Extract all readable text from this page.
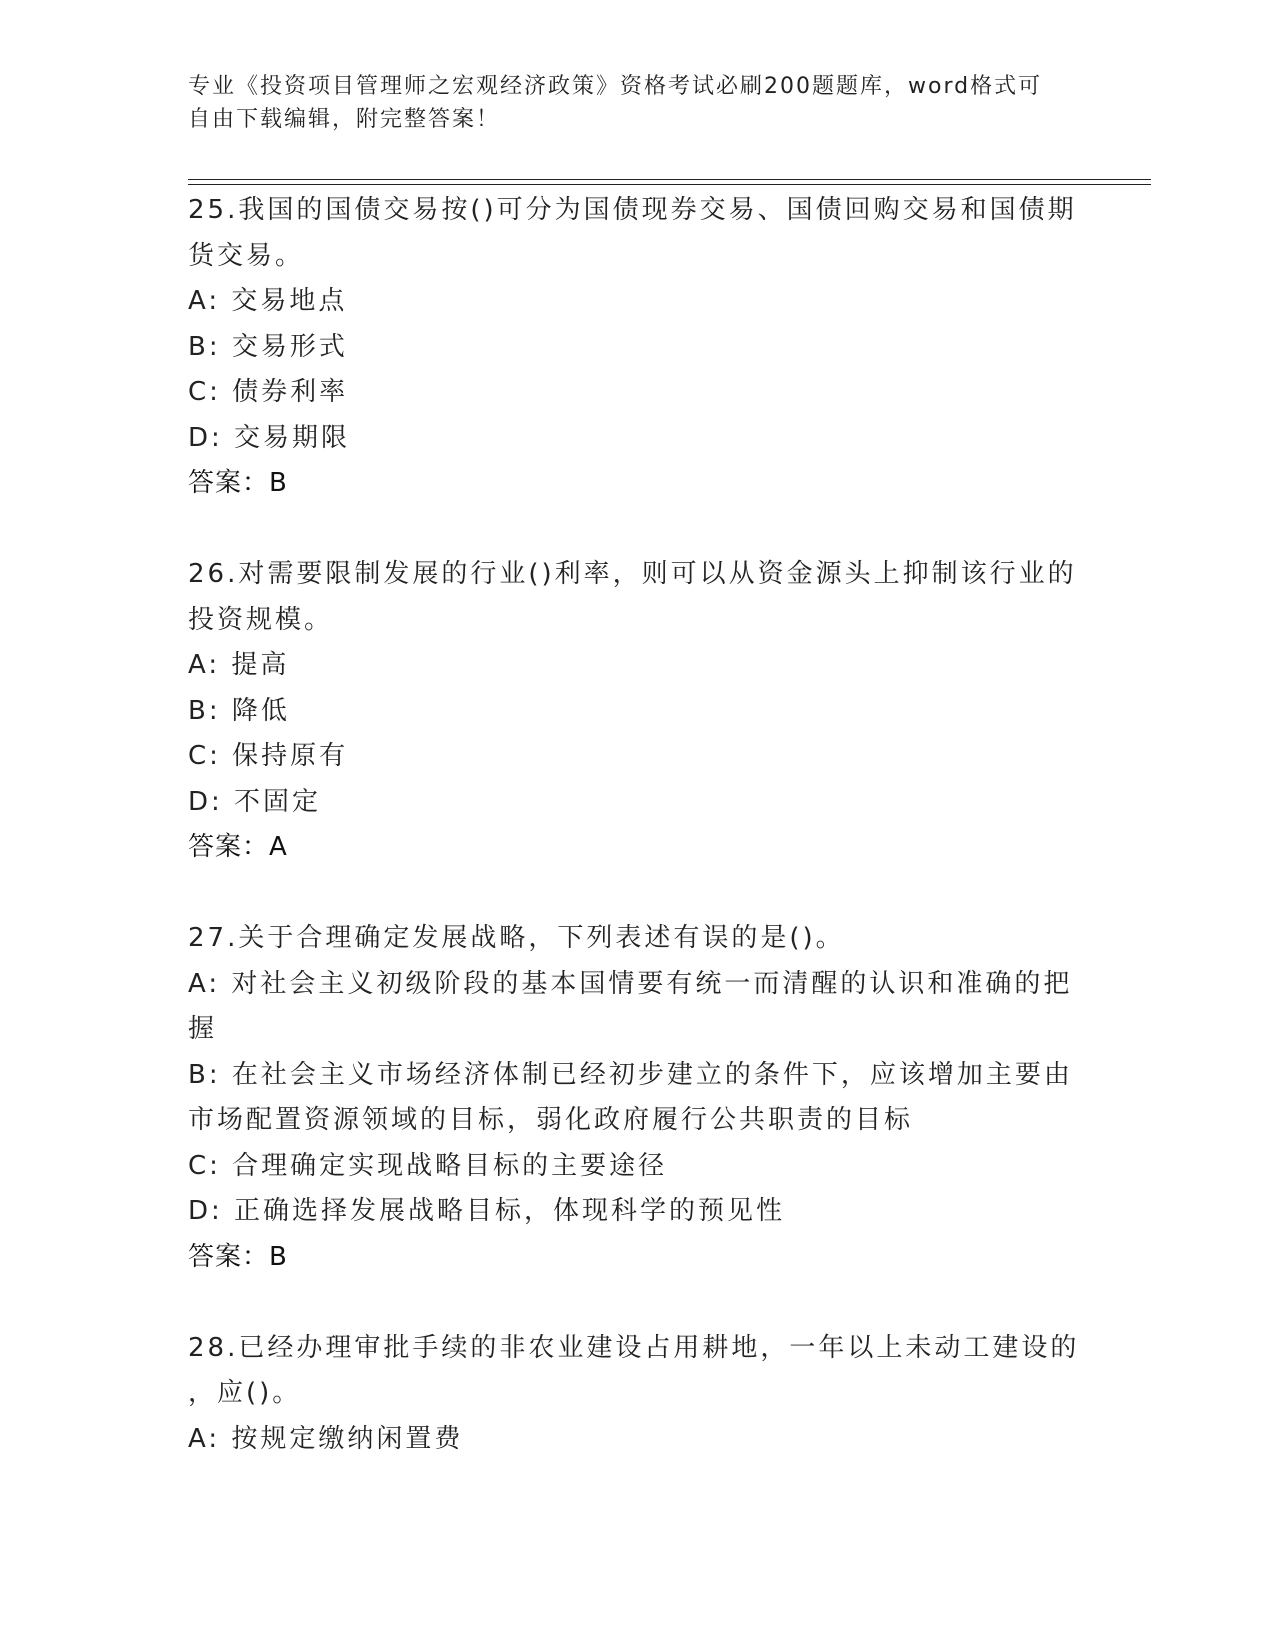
专业《投资项目管理师之宏观经济政策》资格考试必刷200题题库，word格式可
自由下载编辑，附完整答案！

25.我国的国债交易按()可分为国债现券交易、国债回购交易和国债期
货交易。

A: 交易地点

B: 交易形式

C: 债券利率

D: 交易期限

答案：B

26.对需要限制发展的行业()利率，则可以从资金源头上抑制该行业的
投资规模。

A: 提高

B: 降低

C: 保持原有

D: 不固定

答案：A

27.关于合理确定发展战略，下列表述有误的是()。

A: 对社会主义初级阶段的基本国情要有统一而清醒的认识和准确的把
握

B: 在社会主义市场经济体制已经初步建立的条件下，应该增加主要由
市场配置资源领域的目标，弱化政府履行公共职责的目标

C: 合理确定实现战略目标的主要途径

D: 正确选择发展战略目标，体现科学的预见性

答案：B

28.已经办理审批手续的非农业建设占用耕地，一年以上未动工建设的
，应()。

A: 按规定缴纳闲置费
